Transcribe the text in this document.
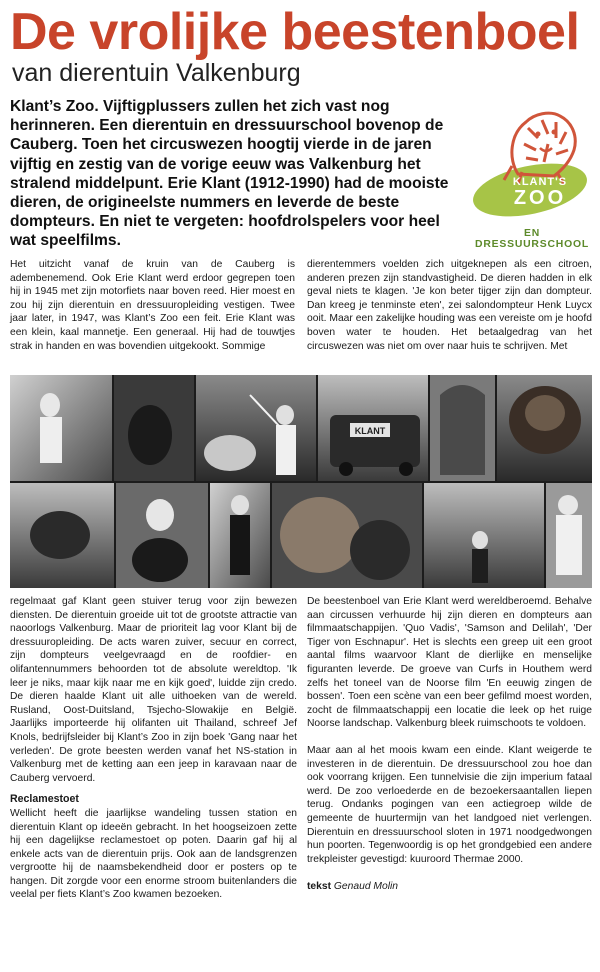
De vrolijke beestenboel
van dierentuin Valkenburg

Klant’s Zoo. Vijftigplussers zullen het zich vast nog herinneren. Een dierentuin en dressuurschool bovenop de Cauberg. Toen het circuswezen hoogtij vierde in de jaren vijftig en zestig van de vorige eeuw was Valkenburg het stralend middelpunt. Erie Klant (1912-1990) had de mooiste dieren, de origineelste nummers en leverde de beste dompteurs. En niet te vergeten: hoofdrolspelers voor heel wat speelfilms.

KLANT'S
ZOO
EN DRESSUURSCHOOL

Het uitzicht vanaf de kruin van de Cauberg is adembenemend. Ook Erie Klant werd erdoor gegrepen toen hij in 1945 met zijn motorfiets naar boven reed. Hier moest en zou hij zijn dierentuin en dressuuropleiding vestigen. Twee jaar later, in 1947, was Klant’s Zoo een feit. Erie Klant was een klein, kaal mannetje. Een generaal. Hij had de touwtjes strak in handen en was bovendien uitgekookt. Sommige

dierentemmers voelden zich uitgeknepen als een citroen, anderen prezen zijn standvastigheid. De dieren hadden in elk geval niets te klagen. 'Je kon beter tijger zijn dan dompteur. Dan kreeg je tenminste eten', zei salondompteur Henk Luycx ooit. Maar een zakelijke houding was een vereiste om je hoofd boven water te houden. Het betaalgedrag van het circuswezen was niet om over naar huis te schrijven. Met

KLANT

regelmaat gaf Klant geen stuiver terug voor zijn bewezen diensten. De dierentuin groeide uit tot de grootste attractie van naoorlogs Valkenburg. Maar de prioriteit lag voor Klant bij de dressuuropleiding. De acts waren zuiver, secuur en correct, zijn dompteurs veelgevraagd en de roofdier- en olifantennummers behoorden tot de absolute wereldtop. 'Ik leer je niks, maar kijk naar me en kijk goed', luidde zijn credo. De dieren haalde Klant uit alle uithoeken van de wereld. Rusland, Oost-Duitsland, Tsjecho-Slowakije en België. Jaarlijks importeerde hij olifanten uit Thailand, schreef Jef Knols, bedrijfsleider bij Klant’s Zoo in zijn boek 'Gang naar het verleden'. De grote beesten werden vanaf het NS-station in Valkenburg met de ketting aan een jeep in karavaan naar de Cauberg vervoerd.

Reclamestoet

Wellicht heeft die jaarlijkse wandeling tussen station en dierentuin Klant op ideeën gebracht. In het hoogseizoen zette hij een dagelijkse reclamestoet op poten. Daarin gaf hij al enkele acts van de dierentuin prijs. Ook aan de landsgrenzen vergrootte hij de naamsbekendheid door er posters op te hangen. Dit zorgde voor een enorme stroom buitenlanders die veelal per fiets Klant’s Zoo kwamen bezoeken.

De beestenboel van Erie Klant werd wereldberoemd. Behalve aan circussen verhuurde hij zijn dieren en dompteurs aan filmmaatschappijen. 'Quo Vadis', 'Samson and Delilah', 'Der Tiger von Eschnapur'. Het is slechts een greep uit een groot aantal films waarvoor Klant de dierlijke en menselijke figuranten leverde. De groeve van Curfs in Houthem werd zelfs het toneel van de Noorse film 'En eeuwig zingen de bossen'. Toen een scène van een beer gefilmd moest worden, zocht de filmmaatschappij een locatie die leek op het ruige Noorse landschap. Valkenburg bleek ruimschoots te voldoen.

Maar aan al het moois kwam een einde. Klant weigerde te investeren in de dierentuin. De dressuurschool zou hoe dan ook voorrang krijgen. Een tunnelvisie die zijn imperium fataal werd. De zoo verloederde en de bezoekersaantallen liepen terug. Ondanks pogingen van een actiegroep wilde de gemeente de huurtermijn van het landgoed niet verlengen. Dierentuin en dressuurschool sloten in 1971 noodgedwongen hun poorten. Tegenwoordig is op het grondgebied een andere trekpleister gevestigd: kuuroord Thermae 2000.

tekst Genaud Molin
